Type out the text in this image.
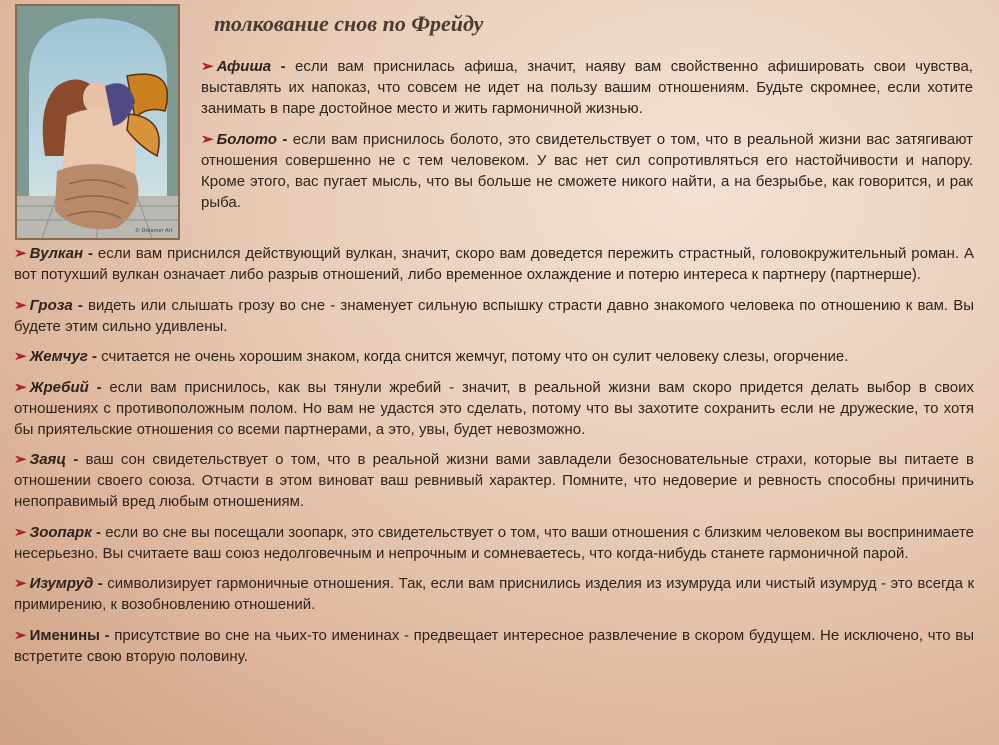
© Dreamer Art
толкование снов по Фрейду

➢ Афиша - если вам приснилась афиша, значит, наяву вам свойственно афишировать свои чувства, выставлять их напоказ, что совсем не идет на пользу вашим отношениям. Будьте скромнее, если хотите занимать в паре достойное место и жить гармоничной жизнью.

➢ Болото - если вам приснилось болото, это свидетельствует о том, что в реальной жизни вас затягивают отношения совершенно не с тем человеком. У вас нет сил сопротивляться его настойчивости и напору. Кроме этого, вас пугает мысль, что вы больше не сможете никого найти, а на безрыбье, как говорится, и рак рыба.

➢ Вулкан - если вам приснился действующий вулкан, значит, скоро вам доведется пережить страстный, головокружительный роман. А вот потухший вулкан означает либо разрыв отношений, либо временное охлаждение и потерю интереса к партнеру (партнерше).

➢ Гроза - видеть или слышать грозу во сне - знаменует сильную вспышку страсти давно знакомого человека по отношению к вам. Вы будете этим сильно удивлены.

➢ Жемчуг - считается не очень хорошим знаком, когда снится жемчуг, потому что он сулит человеку слезы, огорчение.

➢ Жребий - если вам приснилось, как вы тянули жребий - значит, в реальной жизни вам скоро придется делать выбор в своих отношениях с противоположным полом. Но вам не удастся это сделать, потому что вы захотите сохранить если не дружеские, то хотя бы приятельские отношения со всеми партнерами, а это, увы, будет невозможно.

➢ Заяц - ваш сон свидетельствует о том, что в реальной жизни вами завладели безосновательные страхи, которые вы питаете в отношении своего союза. Отчасти в этом виноват ваш ревнивый характер. Помните, что недоверие и ревность способны причинить непоправимый вред любым отношениям.

➢ Зоопарк - если во сне вы посещали зоопарк, это свидетельствует о том, что ваши отношения с близким человеком вы воспринимаете несерьезно. Вы считаете ваш союз недолговечным и непрочным и сомневаетесь, что когда-нибудь станете гармоничной парой.

➢ Изумруд - символизирует гармоничные отношения. Так, если вам приснились изделия из изумруда или чистый изумруд - это всегда к примирению, к возобновлению отношений.

➢ Именины - присутствие во сне на чьих-то именинах - предвещает интересное развлечение в скором будущем. Не исключено, что вы встретите свою вторую половину.
